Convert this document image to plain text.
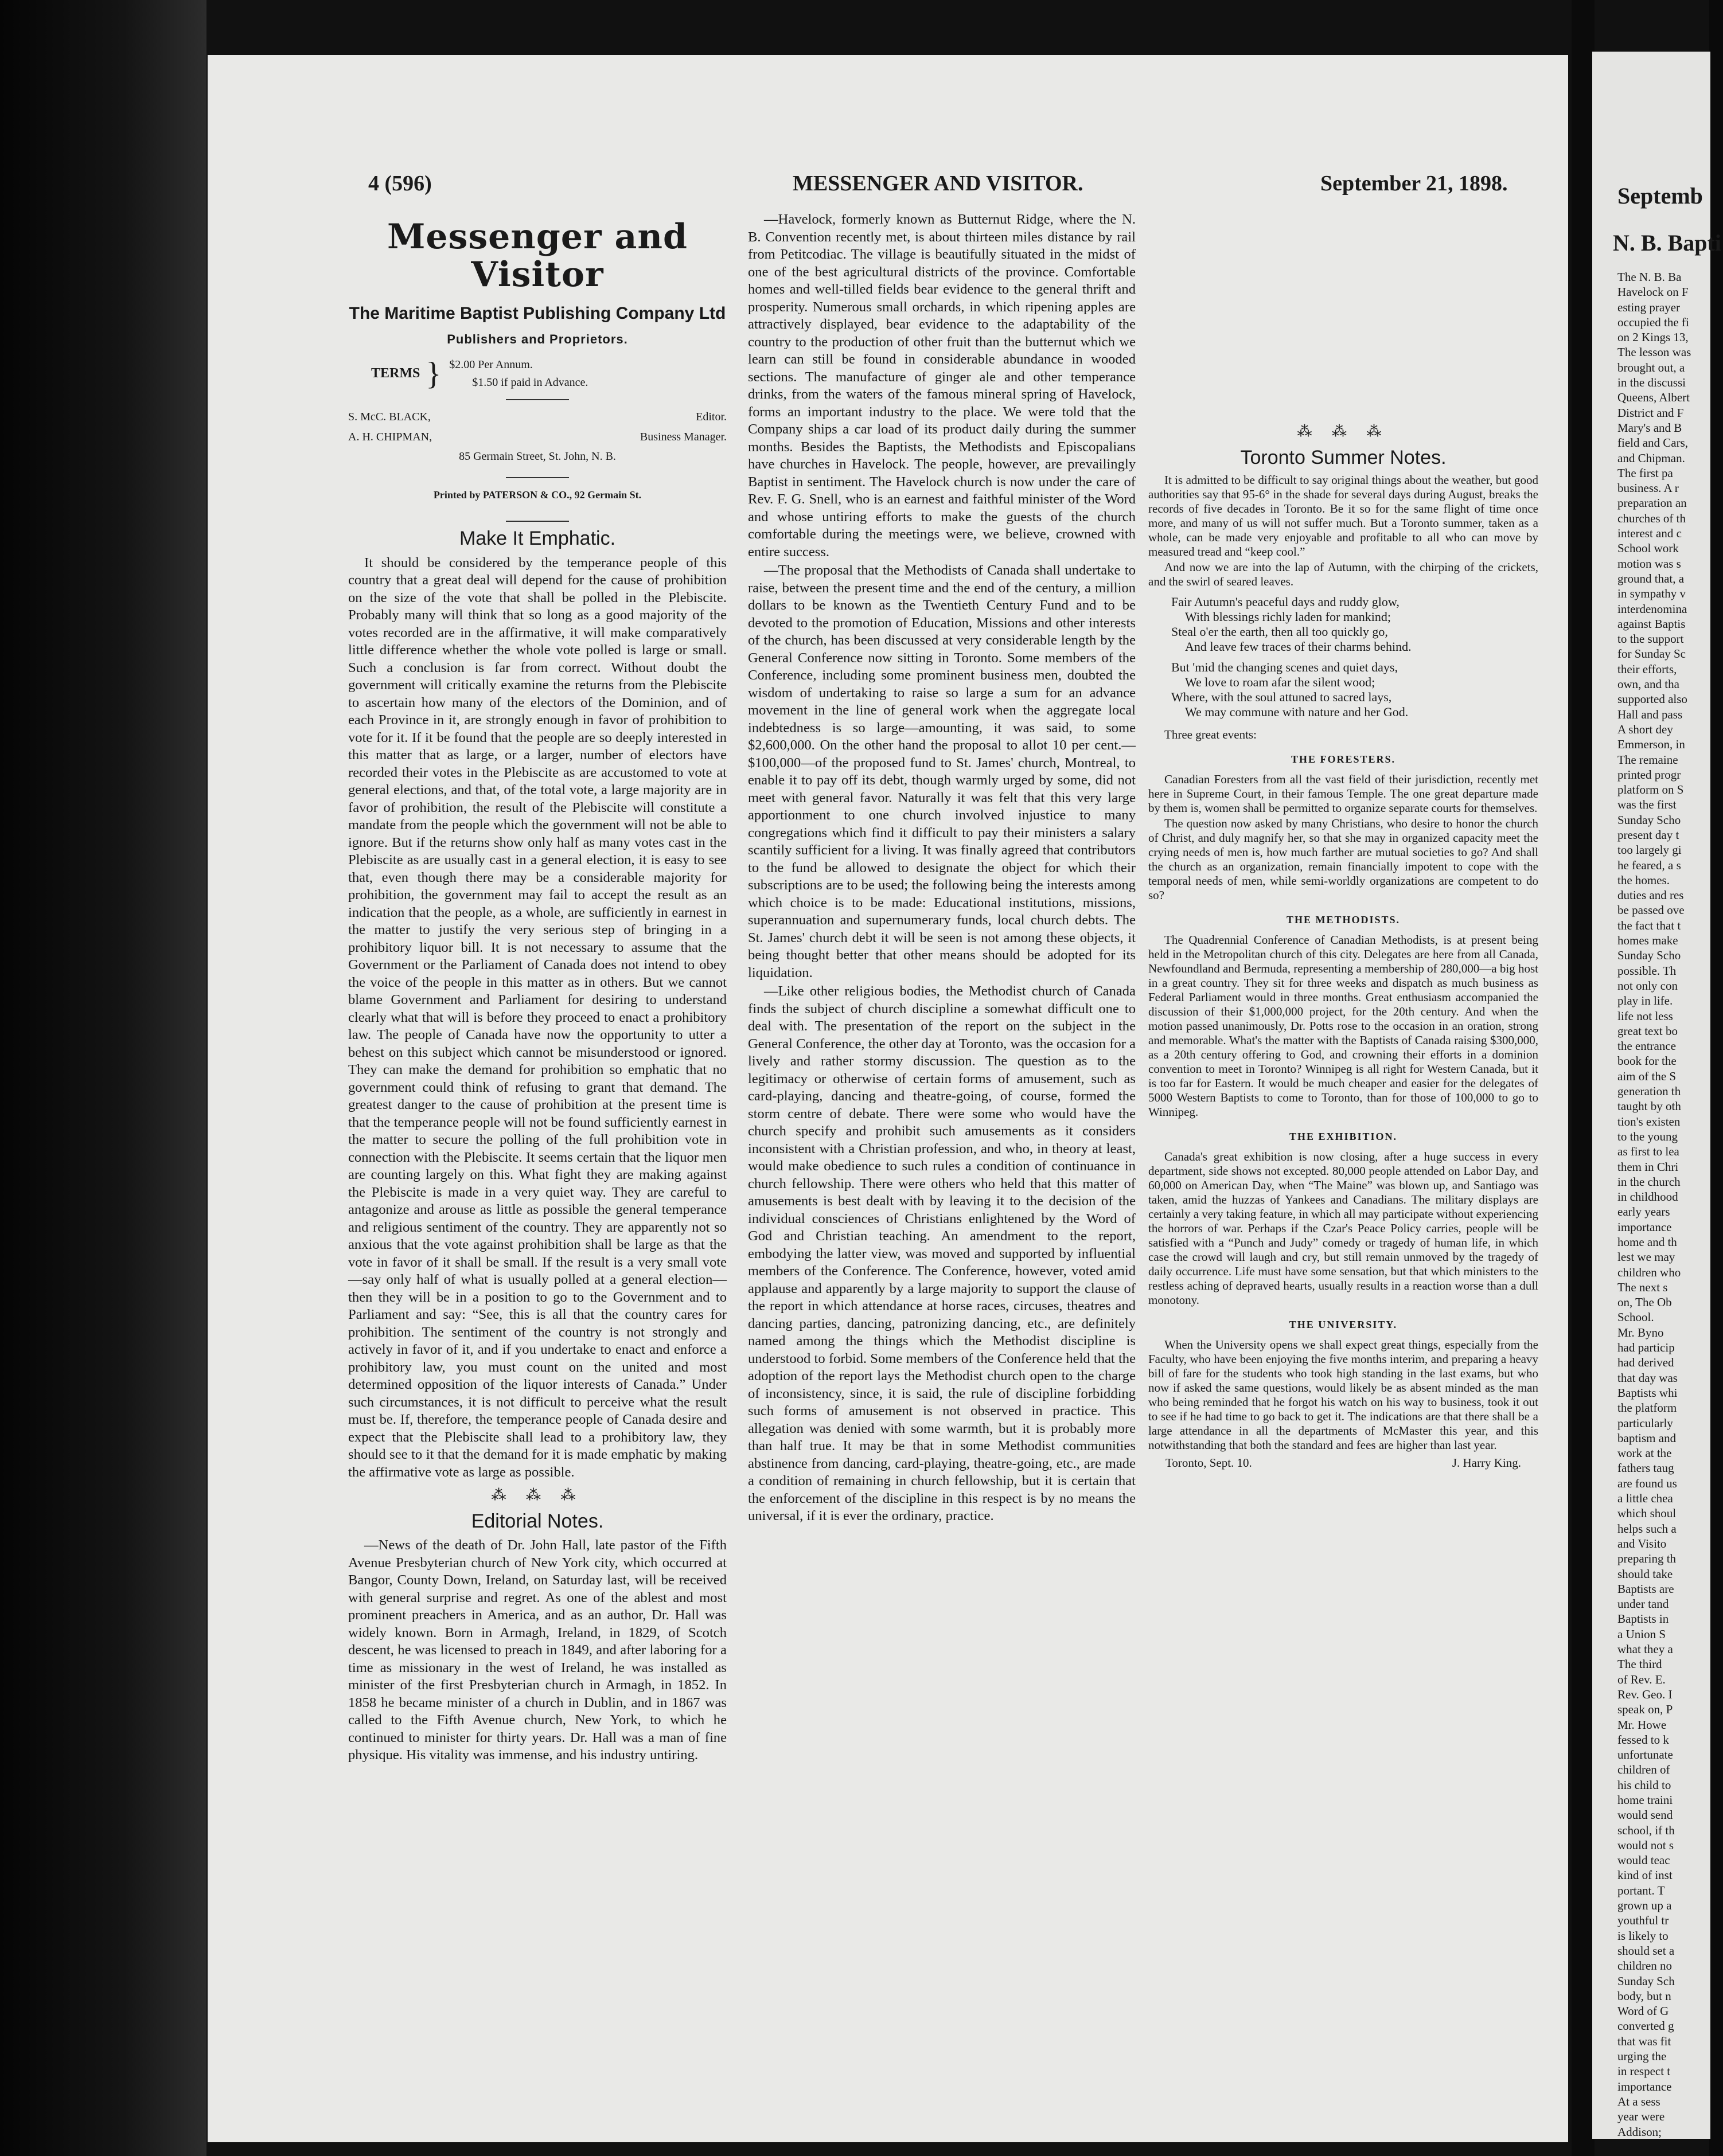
4 (596)	MESSENGER AND VISITOR.	September 21, 1898.
Messenger and Visitor
The Maritime Baptist Publishing Company Ltd
Publishers and Proprietors.
TERMS } $2.00 Per Annum.
$1.50 if paid in Advance.
S. McC. BLACK,	Editor.
A. H. CHIPMAN,	Business Manager.
85 Germain Street, St. John, N. B.
Printed by PATERSON & CO., 92 Germain St.
Make It Emphatic.

It should be considered by the temperance people of this country that a great deal will depend for the cause of prohibition on the size of the vote that shall be polled in the Plebiscite. Probably many will think that so long as a good majority of the votes recorded are in the affirmative, it will make comparatively little difference whether the whole vote polled is large or small. Such a conclusion is far from correct. Without doubt the government will critically examine the returns from the Plebiscite to ascertain how many of the electors of the Dominion, and of each Province in it, are strongly enough in favor of prohibition to vote for it. If it be found that the people are so deeply interested in this matter that as large, or a larger, number of electors have recorded their votes in the Plebiscite as are accustomed to vote at general elections, and that, of the total vote, a large majority are in favor of prohibition, the result of the Plebiscite will constitute a mandate from the people which the government will not be able to ignore. But if the returns show only half as many votes cast in the Plebiscite as are usually cast in a general election, it is easy to see that, even though there may be a considerable majority for prohibition, the government may fail to accept the result as an indication that the people, as a whole, are sufficiently in earnest in the matter to justify the very serious step of bringing in a prohibitory liquor bill. It is not necessary to assume that the Government or the Parliament of Canada does not intend to obey the voice of the people in this matter as in others. But we cannot blame Government and Parliament for desiring to understand clearly what that will is before they proceed to enact a prohibitory law. The people of Canada have now the opportunity to utter a behest on this subject which cannot be misunderstood or ignored. They can make the demand for prohibition so emphatic that no government could think of refusing to grant that demand. The greatest danger to the cause of prohibition at the present time is that the temperance people will not be found sufficiently earnest in the matter to secure the polling of the full prohibition vote in connection with the Plebiscite. It seems certain that the liquor men are counting largely on this. What fight they are making against the Plebiscite is made in a very quiet way. They are careful to antagonize and arouse as little as possible the general temperance and religious sentiment of the country. They are apparently not so anxious that the vote against prohibition shall be large as that the vote in favor of it shall be small. If the result is a very small vote—say only half of what is usually polled at a general election—then they will be in a position to go to the Government and to Parliament and say: “See, this is all that the country cares for prohibition. The sentiment of the country is not strongly and actively in favor of it, and if you undertake to enact and enforce a prohibitory law, you must count on the united and most determined opposition of the liquor interests of Canada.” Under such circumstances, it is not difficult to perceive what the result must be. If, therefore, the temperance people of Canada desire and expect that the Plebiscite shall lead to a prohibitory law, they should see to it that the demand for it is made emphatic by making the affirmative vote as large as possible.

⁂ ⁂ ⁂
Editorial Notes.

—News of the death of Dr. John Hall, late pastor of the Fifth Avenue Presbyterian church of New York city, which occurred at Bangor, County Down, Ireland, on Saturday last, will be received with general surprise and regret. As one of the ablest and most prominent preachers in America, and as an author, Dr. Hall was widely known. Born in Armagh, Ireland, in 1829, of Scotch descent, he was licensed to preach in 1849, and after laboring for a time as missionary in the west of Ireland, he was installed as minister of the first Presbyterian church in Armagh, in 1852. In 1858 he became minister of a church in Dublin, and in 1867 was called to the Fifth Avenue church, New York, to which he continued to minister for thirty years. Dr. Hall was a man of fine physique. His vitality was immense, and his industry untiring.

—Havelock, formerly known as Butternut Ridge, where the N. B. Convention recently met, is about thirteen miles distance by rail from Petitcodiac. The village is beautifully situated in the midst of one of the best agricultural districts of the province. Comfortable homes and well-tilled fields bear evidence to the general thrift and prosperity. Numerous small orchards, in which ripening apples are attractively displayed, bear evidence to the adaptability of the country to the production of other fruit than the butternut which we learn can still be found in considerable abundance in wooded sections. The manufacture of ginger ale and other temperance drinks, from the waters of the famous mineral spring of Havelock, forms an important industry to the place. We were told that the Company ships a car load of its product daily during the summer months. Besides the Baptists, the Methodists and Episcopalians have churches in Havelock. The people, however, are prevailingly Baptist in sentiment. The Havelock church is now under the care of Rev. F. G. Snell, who is an earnest and faithful minister of the Word and whose untiring efforts to make the guests of the church comfortable during the meetings were, we believe, crowned with entire success.

—The proposal that the Methodists of Canada shall undertake to raise, between the present time and the end of the century, a million dollars to be known as the Twentieth Century Fund and to be devoted to the promotion of Education, Missions and other interests of the church, has been discussed at very considerable length by the General Conference now sitting in Toronto. Some members of the Conference, including some prominent business men, doubted the wisdom of undertaking to raise so large a sum for an advance movement in the line of general work when the aggregate local indebtedness is so large—amounting, it was said, to some $2,600,000. On the other hand the proposal to allot 10 per cent.—$100,000—of the proposed fund to St. James' church, Montreal, to enable it to pay off its debt, though warmly urged by some, did not meet with general favor. Naturally it was felt that this very large apportionment to one church involved injustice to many congregations which find it difficult to pay their ministers a salary scantily sufficient for a living. It was finally agreed that contributors to the fund be allowed to designate the object for which their subscriptions are to be used; the following being the interests among which choice is to be made: Educational institutions, missions, superannuation and supernumerary funds, local church debts. The St. James' church debt it will be seen is not among these objects, it being thought better that other means should be adopted for its liquidation.

—Like other religious bodies, the Methodist church of Canada finds the subject of church discipline a somewhat difficult one to deal with. The presentation of the report on the subject in the General Conference, the other day at Toronto, was the occasion for a lively and rather stormy discussion. The question as to the legitimacy or otherwise of certain forms of amusement, such as card-playing, dancing and theatre-going, of course, formed the storm centre of debate. There were some who would have the church specify and prohibit such amusements as it considers inconsistent with a Christian profession, and who, in theory at least, would make obedience to such rules a condition of continuance in church fellowship. There were others who held that this matter of amusements is best dealt with by leaving it to the decision of the individual consciences of Christians enlightened by the Word of God and Christian teaching. An amendment to the report, embodying the latter view, was moved and supported by influential members of the Conference. The Conference, however, voted amid applause and apparently by a large majority to support the clause of the report in which attendance at horse races, circuses, theatres and dancing parties, dancing, patronizing dancing, etc., are definitely named among the things which the Methodist discipline is understood to forbid. Some members of the Conference held that the adoption of the report lays the Methodist church open to the charge of inconsistency, since, it is said, the rule of discipline forbidding such forms of amusement is not observed in practice. This allegation was denied with some warmth, but it is probably more than half true. It may be that in some Methodist communities abstinence from dancing, card-playing, theatre-going, etc., are made a condition of remaining in church fellowship, but it is certain that the enforcement of the discipline in this respect is by no means the universal, if it is ever the ordinary, practice.

⁂ ⁂ ⁂
Toronto Summer Notes.

It is admitted to be difficult to say original things about the weather, but good authorities say that 95-6° in the shade for several days during August, breaks the records of five decades in Toronto. Be it so for the same flight of time once more, and many of us will not suffer much. But a Toronto summer, taken as a whole, can be made very enjoyable and profitable to all who can move by measured tread and “keep cool.”

And now we are into the lap of Autumn, with the chirping of the crickets, and the swirl of seared leaves.

Fair Autumn's peaceful days and ruddy glow,
With blessings richly laden for mankind;
Steal o'er the earth, then all too quickly go,
And leave few traces of their charms behind.
But 'mid the changing scenes and quiet days,
We love to roam afar the silent wood;
Where, with the soul attuned to sacred lays,
We may commune with nature and her God.

Three great events:

THE FORESTERS.

Canadian Foresters from all the vast field of their jurisdiction, recently met here in Supreme Court, in their famous Temple. The one great departure made by them is, women shall be permitted to organize separate courts for themselves.

The question now asked by many Christians, who desire to honor the church of Christ, and duly magnify her, so that she may in organized capacity meet the crying needs of men is, how much farther are mutual societies to go? And shall the church as an organization, remain financially impotent to cope with the temporal needs of men, while semi-worldly organizations are competent to do so?

THE METHODISTS.

The Quadrennial Conference of Canadian Methodists, is at present being held in the Metropolitan church of this city. Delegates are here from all Canada, Newfoundland and Bermuda, representing a membership of 280,000—a big host in a great country. They sit for three weeks and dispatch as much business as Federal Parliament would in three months. Great enthusiasm accompanied the discussion of their $1,000,000 project, for the 20th century. And when the motion passed unanimously, Dr. Potts rose to the occasion in an oration, strong and memorable. What's the matter with the Baptists of Canada raising $300,000, as a 20th century offering to God, and crowning their efforts in a dominion convention to meet in Toronto? Winnipeg is all right for Western Canada, but it is too far for Eastern. It would be much cheaper and easier for the delegates of 5000 Western Baptists to come to Toronto, than for those of 100,000 to go to Winnipeg.

THE EXHIBITION.

Canada's great exhibition is now closing, after a huge success in every department, side shows not excepted. 80,000 people attended on Labor Day, and 60,000 on American Day, when “The Maine” was blown up, and Santiago was taken, amid the huzzas of Yankees and Canadians. The military displays are certainly a very taking feature, in which all may participate without experiencing the horrors of war. Perhaps if the Czar's Peace Policy carries, people will be satisfied with a “Punch and Judy” comedy or tragedy of human life, in which case the crowd will laugh and cry, but still remain unmoved by the tragedy of daily occurrence. Life must have some sensation, but that which ministers to the restless aching of depraved hearts, usually results in a reaction worse than a dull monotony.

THE UNIVERSITY.

When the University opens we shall expect great things, especially from the Faculty, who have been enjoying the five months interim, and preparing a heavy bill of fare for the students who took high standing in the last exams, but who now if asked the same questions, would likely be as absent minded as the man who being reminded that he forgot his watch on his way to business, took it out to see if he had time to go back to get it. The indications are that there shall be a large attendance in all the departments of McMaster this year, and this notwithstanding that both the standard and fees are higher than last year.

Toronto, Sept. 10.	J. Harry King.
Septemb
N. B. Bapti
The N. B. Ba
Havelock on F
esting prayer
occupied the fi
on 2 Kings 13,
The lesson was
brought out, a
in the discussi
Queens, Albert
District and F
Mary's and B
field and Cars,
and Chipman.
The first pa
business. A r
preparation an
churches of th
interest and c
School work
motion was s
ground that, a
in sympathy v
interdenomina
against Baptis
to the support
for Sunday Sc
their efforts,
own, and tha
supported also
Hall and pass
A short dey
Emmerson, in
The remaine
printed progr
platform on S
was the first
Sunday Scho
present day t
too largely gi
he feared, a s
the homes.
duties and res
be passed ove
the fact that t
homes make
Sunday Scho
possible. Th
not only con
play in life.
life not less
great text bo
the entrance
book for the
aim of the S
generation th
taught by oth
tion's existen
to the young
as first to lea
them in Chri
in the church
in childhood
early years
importance
home and th
lest we may
children who
The next s
on, The Ob
School.
Mr. Byno
had particip
had derived
that day was
Baptists whi
the platform
particularly
baptism and
work at the
fathers taug
are found us
a little chea
which shoul
helps such a
and Visito
preparing th
should take
Baptists are
under tand
Baptists in
a Union S
what they a
The third
of Rev. E.
Rev. Geo. I
speak on, P
Mr. Howe
fessed to k
unfortunate
children of
his child to
home traini
would send
school, if th
would not s
would teac
kind of inst
portant. T
grown up a
youthful tr
is likely to
should set a
children no
Sunday Sch
body, but n
Word of G
converted g
that was fit
urging the
in respect t
importance
At a sess
year were
Addison;
